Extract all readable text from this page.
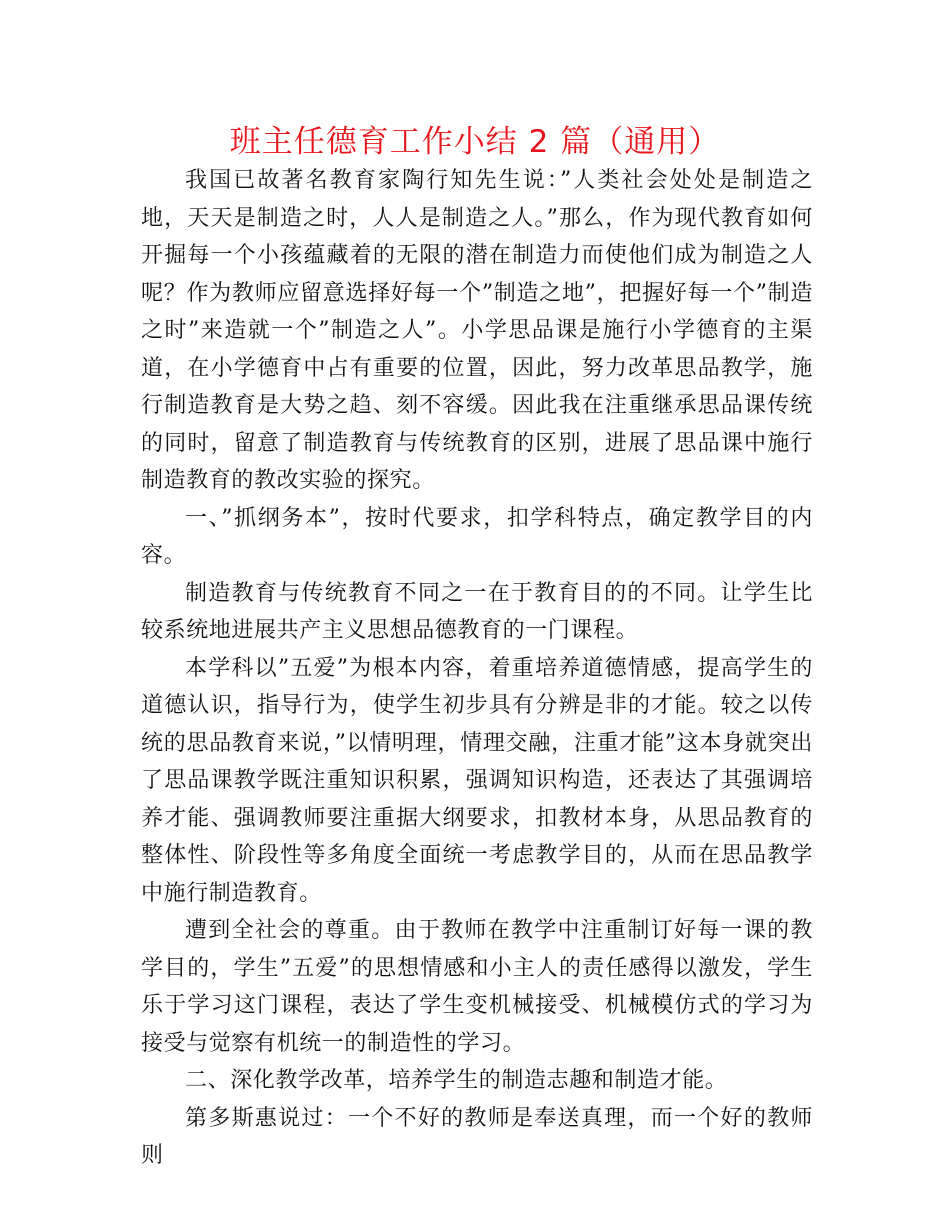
班主任德育工作小结 2 篇（通用）

我国已故著名教育家陶行知先生说：”人类社会处处是制造之地，天天是制造之时，人人是制造之人。”那么，作为现代教育如何开掘每一个小孩蕴藏着的无限的潜在制造力而使他们成为制造之人呢？作为教师应留意选择好每一个”制造之地”，把握好每一个”制造之时”来造就一个”制造之人”。小学思品课是施行小学德育的主渠道，在小学德育中占有重要的位置，因此，努力改革思品教学，施行制造教育是大势之趋、刻不容缓。因此我在注重继承思品课传统的同时，留意了制造教育与传统教育的区别，进展了思品课中施行制造教育的教改实验的探究。

一、”抓纲务本”，按时代要求，扣学科特点，确定教学目的内容。

制造教育与传统教育不同之一在于教育目的的不同。让学生比较系统地进展共产主义思想品德教育的一门课程。

本学科以”五爱”为根本内容，着重培养道德情感，提高学生的道德认识，指导行为，使学生初步具有分辨是非的才能。较之以传统的思品教育来说，”以情明理，情理交融，注重才能”这本身就突出了思品课教学既注重知识积累，强调知识构造，还表达了其强调培养才能、强调教师要注重据大纲要求，扣教材本身，从思品教育的整体性、阶段性等多角度全面统一考虑教学目的，从而在思品教学中施行制造教育。

遭到全社会的尊重。由于教师在教学中注重制订好每一课的教学目的，学生”五爱”的思想情感和小主人的责任感得以激发，学生乐于学习这门课程，表达了学生变机械接受、机械模仿式的学习为接受与觉察有机统一的制造性的学习。

二、深化教学改革，培养学生的制造志趣和制造才能。

第多斯惠说过：一个不好的教师是奉送真理，而一个好的教师则
